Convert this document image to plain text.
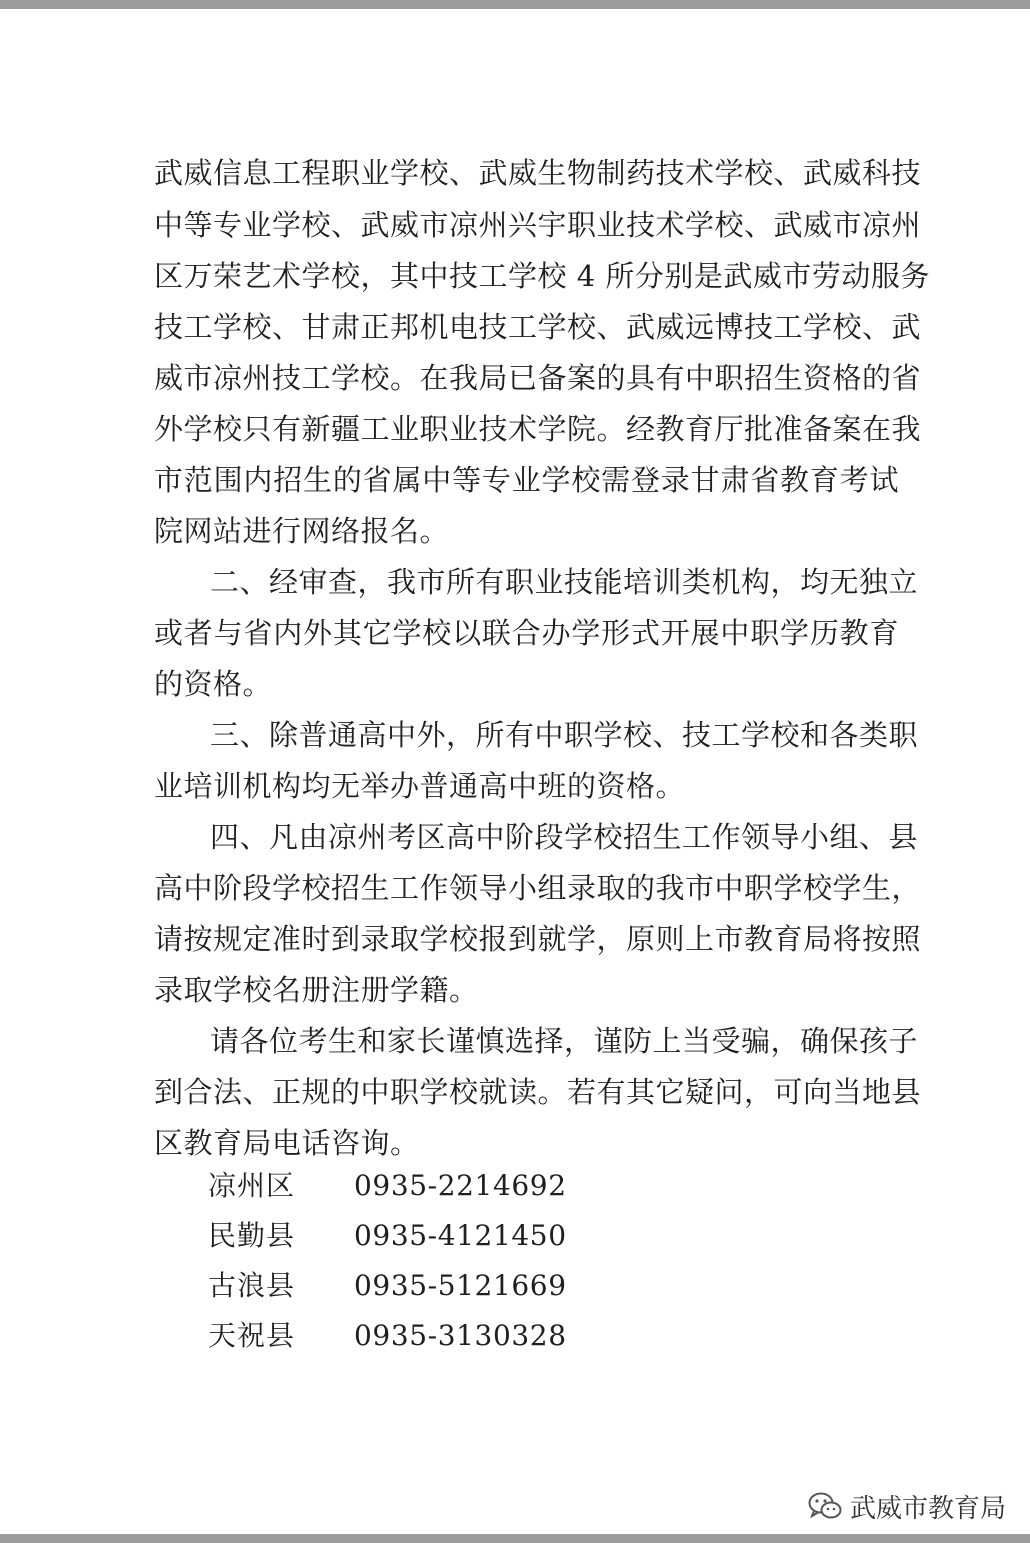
武威信息工程职业学校、武威生物制药技术学校、武威科技
中等专业学校、武威市凉州兴宇职业技术学校、武威市凉州
区万荣艺术学校，其中技工学校 4 所分别是武威市劳动服务
技工学校、甘肃正邦机电技工学校、武威远博技工学校、武
威市凉州技工学校。在我局已备案的具有中职招生资格的省
外学校只有新疆工业职业技术学院。经教育厅批准备案在我
市范围内招生的省属中等专业学校需登录甘肃省教育考试
院网站进行网络报名。
二、经审查，我市所有职业技能培训类机构，均无独立
或者与省内外其它学校以联合办学形式开展中职学历教育
的资格。
三、除普通高中外，所有中职学校、技工学校和各类职
业培训机构均无举办普通高中班的资格。
四、凡由凉州考区高中阶段学校招生工作领导小组、县
高中阶段学校招生工作领导小组录取的我市中职学校学生，
请按规定准时到录取学校报到就学，原则上市教育局将按照
录取学校名册注册学籍。
请各位考生和家长谨慎选择，谨防上当受骗，确保孩子
到合法、正规的中职学校就读。若有其它疑问，可向当地县
区教育局电话咨询。
凉州区 0935-2214692
民勤县 0935-4121450
古浪县 0935-5121669
天祝县 0935-3130328
武威市教育局
